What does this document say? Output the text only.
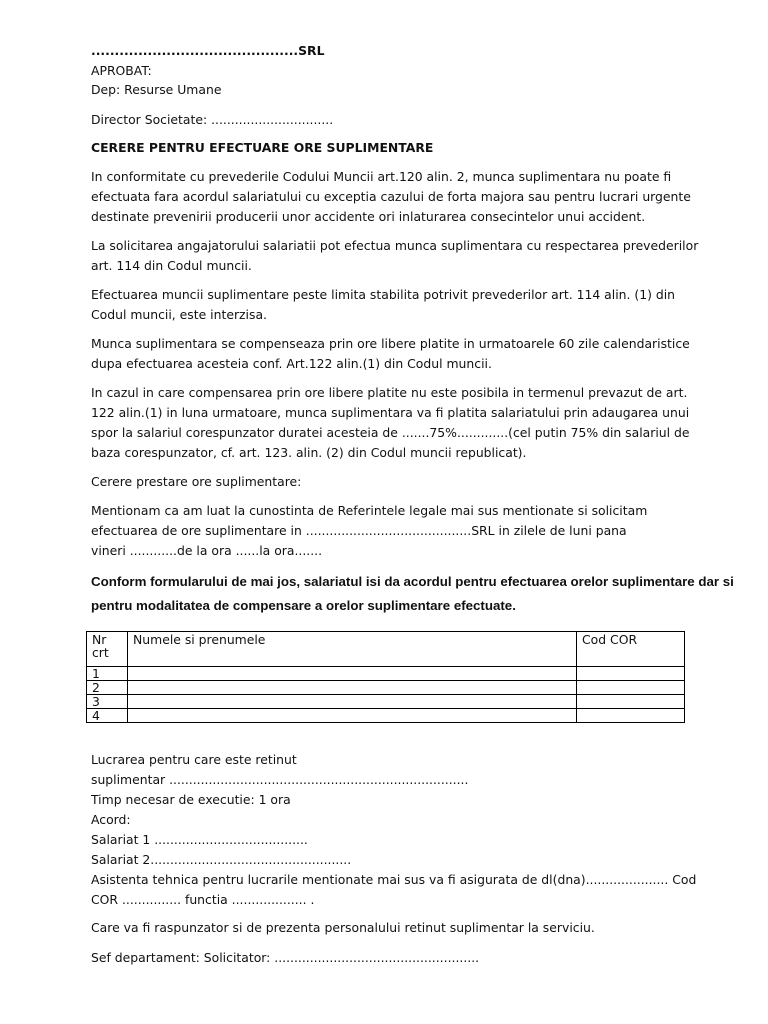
............................................SRL
APROBAT:
Dep: Resurse Umane
Director Societate: ...............................
CERERE PENTRU EFECTUARE ORE SUPLIMENTARE
In conformitate cu prevederile Codului Muncii art.120 alin. 2, munca suplimentara nu poate fi
efectuata fara acordul salariatului cu exceptia cazului de forta majora sau pentru lucrari urgente
destinate prevenirii producerii unor accidente ori inlaturarea consecintelor unui accident.
La solicitarea angajatorului salariatii pot efectua munca suplimentara cu respectarea prevederilor
art. 114 din Codul muncii.
Efectuarea muncii suplimentare peste limita stabilita potrivit prevederilor art. 114 alin. (1) din
Codul muncii, este interzisa.
Munca suplimentara se compenseaza prin ore libere platite in urmatoarele 60 zile calendaristice
dupa efectuarea acesteia conf. Art.122 alin.(1) din Codul muncii.
In cazul in care compensarea prin ore libere platite nu este posibila in termenul prevazut de art.
122 alin.(1) in luna urmatoare, munca suplimentara va fi platita salariatului prin adaugarea unui
spor la salariul corespunzator duratei acesteia de .......75%.............(cel putin 75% din salariul de
baza corespunzator, cf. art. 123. alin. (2) din Codul muncii republicat).
Cerere prestare ore suplimentare:
Mentionam ca am luat la cunostinta de Referintele legale mai sus mentionate si solicitam
efectuarea de ore suplimentare in ..........................................SRL in zilele de luni pana
vineri ............de la ora ......la ora.......
Conform formularului de mai jos, salariatul isi da acordul pentru efectuarea orelor suplimentare dar si
pentru modalitatea de compensare a orelor suplimentare efectuate.
Nr crt	Numele si prenumele	Cod COR
1		
2		
3		
4		
Lucrarea pentru care este retinut
suplimentar ............................................................................
Timp necesar de executie: 1 ora
Acord:
Salariat 1 .......................................
Salariat 2...................................................
Asistenta tehnica pentru lucrarile mentionate mai sus va fi asigurata de dl(dna)..................... Cod
COR ............... functia ................... .
Care va fi raspunzator si de prezenta personalului retinut suplimentar la serviciu.
Sef departament: Solicitator: ....................................................
